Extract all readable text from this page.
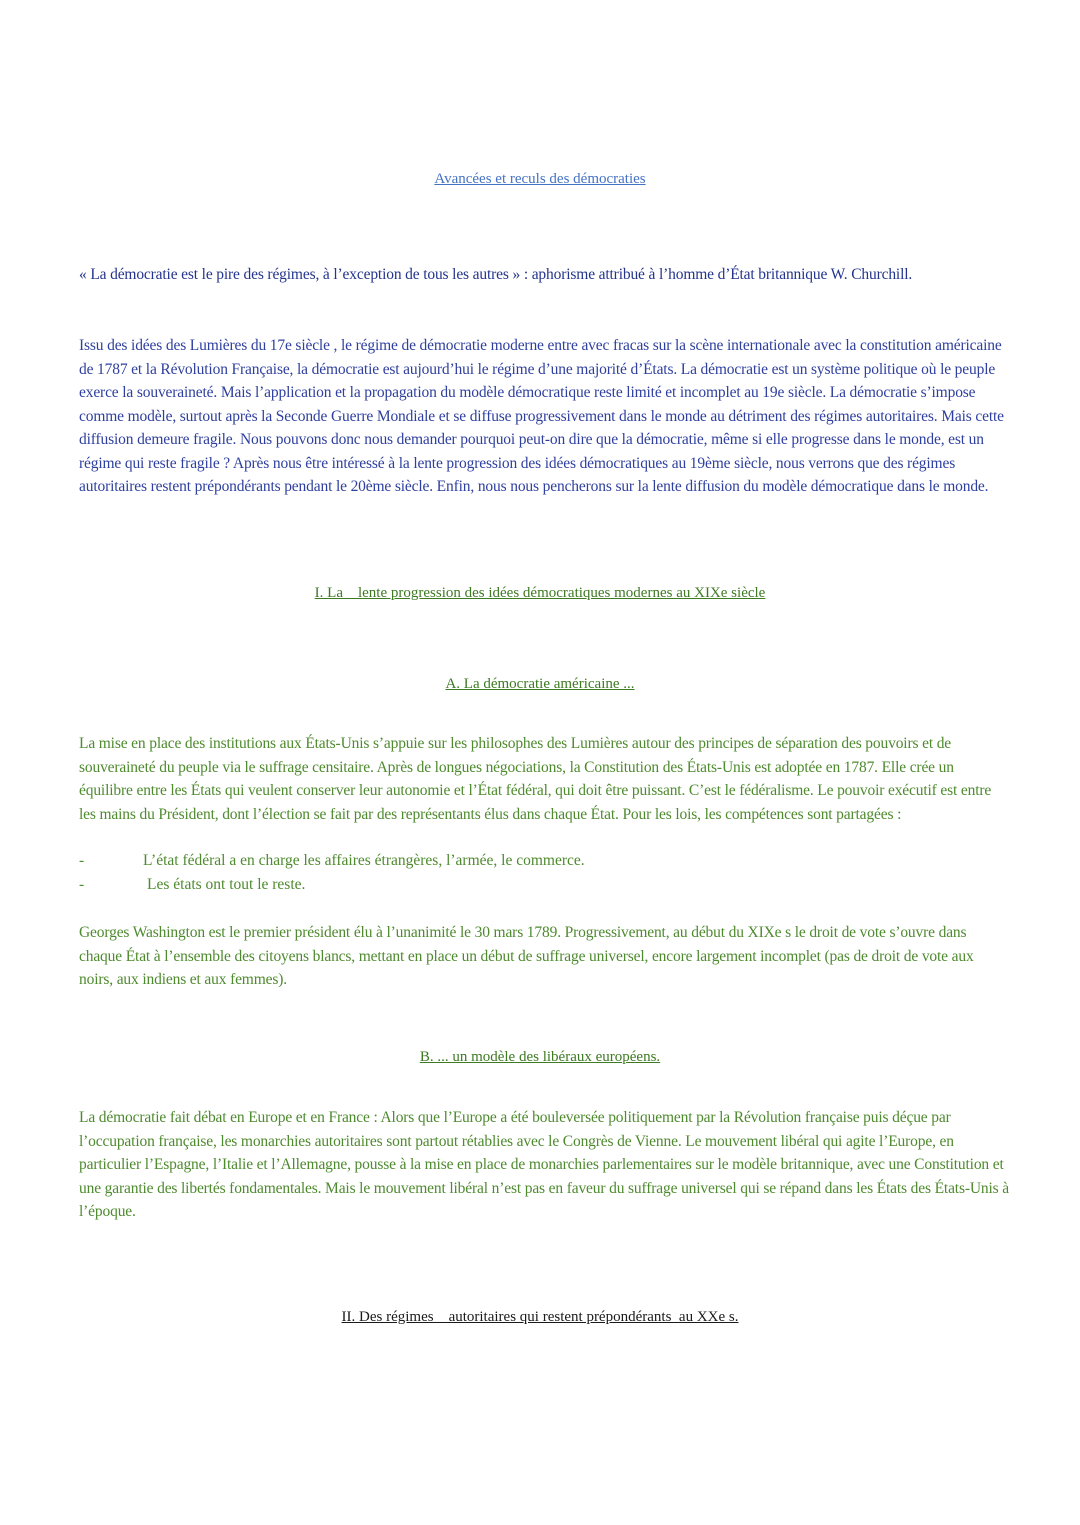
Avancées et reculs des démocraties

« La démocratie est le pire des régimes, à l’exception de tous les autres » : aphorisme attribué à l’homme d’État britannique W. Churchill.

Issu des idées des Lumières du 17e siècle , le régime de démocratie moderne entre avec fracas sur la scène internationale avec la constitution américaine de 1787 et la Révolution Française, la démocratie est aujourd’hui le régime d’une majorité d’États. La démocratie est un système politique où le peuple exerce la souveraineté. Mais l’application et la propagation du modèle démocratique reste limité et incomplet au 19e siècle. La démocratie s’impose comme modèle, surtout après la Seconde Guerre Mondiale et se diffuse progressivement dans le monde au détriment des régimes autoritaires. Mais cette diffusion demeure fragile. Nous pouvons donc nous demander pourquoi peut-on dire que la démocratie, même si elle progresse dans le monde, est un régime qui reste fragile ? Après nous être intéressé à la lente progression des idées démocratiques au 19ème siècle, nous verrons que des régimes autoritaires restent prépondérants pendant le 20ème siècle. Enfin, nous nous pencherons sur la lente diffusion du modèle démocratique dans le monde.

I. La    lente progression des idées démocratiques modernes au XIXe siècle
A. La démocratie américaine ...

La mise en place des institutions aux États-Unis s’appuie sur les philosophes des Lumières autour des principes de séparation des pouvoirs et de souveraineté du peuple via le suffrage censitaire. Après de longues négociations, la Constitution des États-Unis est adoptée en 1787. Elle crée un équilibre entre les États qui veulent conserver leur autonomie et l’État fédéral, qui doit être puissant. C’est le fédéralisme. Le pouvoir exécutif est entre les mains du Président, dont l’élection se fait par des représentants élus dans chaque État. Pour les lois, les compétences sont partagées :

-	L’état fédéral a en charge les affaires étrangères, l’armée, le commerce.
-	Les états ont tout le reste.

Georges Washington est le premier président élu à l’unanimité le 30 mars 1789. Progressivement, au début du XIXe s le droit de vote s’ouvre dans chaque État à l’ensemble des citoyens blancs, mettant en place un début de suffrage universel, encore largement incomplet (pas de droit de vote aux noirs, aux indiens et aux femmes).

B. ... un modèle des libéraux européens.

La démocratie fait débat en Europe et en France : Alors que l’Europe a été bouleversée politiquement par la Révolution française puis déçue par l’occupation française, les monarchies autoritaires sont partout rétablies avec le Congrès de Vienne. Le mouvement libéral qui agite l’Europe, en particulier l’Espagne, l’Italie et l’Allemagne, pousse à la mise en place de monarchies parlementaires sur le modèle britannique, avec une Constitution et une garantie des libertés fondamentales. Mais le mouvement libéral n’est pas en faveur du suffrage universel qui se répand dans les États des États-Unis à l’époque.

II. Des régimes    autoritaires qui restent prépondérants  au XXe s.
